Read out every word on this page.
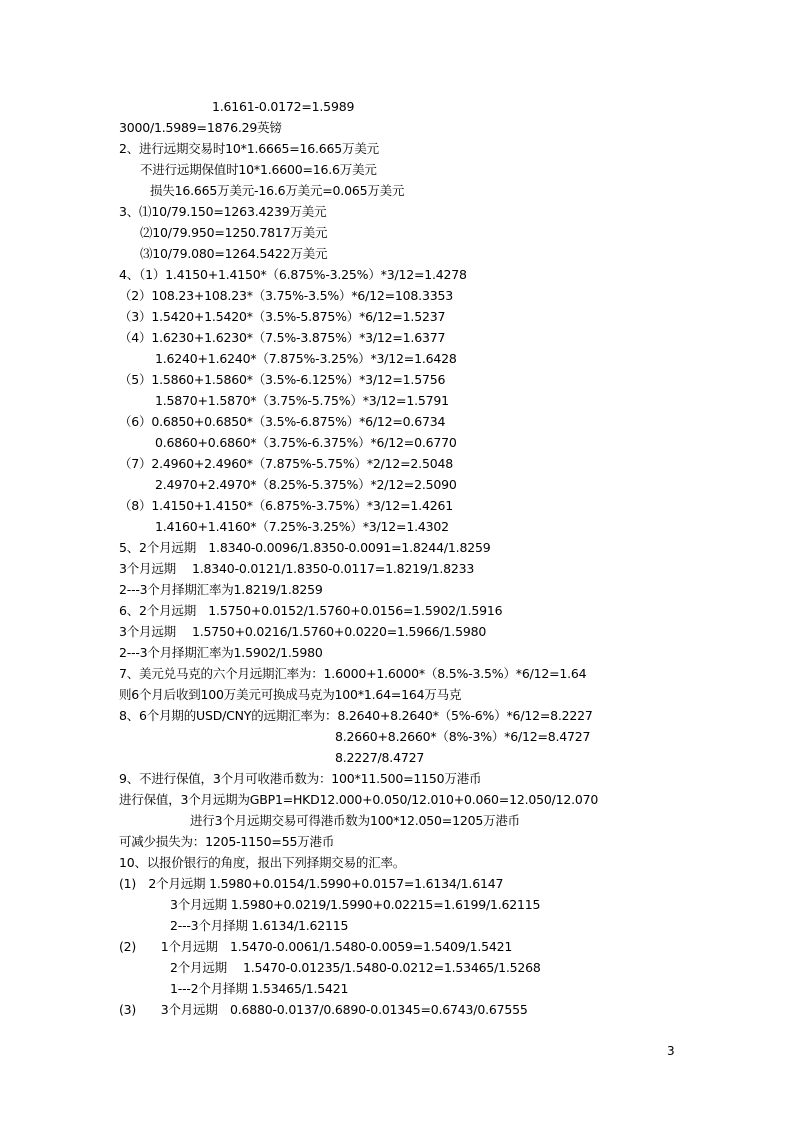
1.6161-0.0172=1.5989
3000/1.5989=1876.29英镑
2、进行远期交易时10*1.6665=16.665万美元
不进行远期保值时10*1.6600=16.6万美元
损失16.665万美元-16.6万美元=0.065万美元
3、⑴10/79.150=1263.4239万美元
⑵10/79.950=1250.7817万美元
⑶10/79.080=1264.5422万美元
4、（1）1.4150+1.4150*（6.875%-3.25%）*3/12=1.4278
（2）108.23+108.23*（3.75%-3.5%）*6/12=108.3353
（3）1.5420+1.5420*（3.5%-5.875%）*6/12=1.5237
（4）1.6230+1.6230*（7.5%-3.875%）*3/12=1.6377
1.6240+1.6240*（7.875%-3.25%）*3/12=1.6428
（5）1.5860+1.5860*（3.5%-6.125%）*3/12=1.5756
1.5870+1.5870*（3.75%-5.75%）*3/12=1.5791
（6）0.6850+0.6850*（3.5%-6.875%）*6/12=0.6734
0.6860+0.6860*（3.75%-6.375%）*6/12=0.6770
（7）2.4960+2.4960*（7.875%-5.75%）*2/12=2.5048
2.4970+2.4970*（8.25%-5.375%）*2/12=2.5090
（8）1.4150+1.4150*（6.875%-3.75%）*3/12=1.4261
1.4160+1.4160*（7.25%-3.25%）*3/12=1.4302
5、2个月远期　1.8340-0.0096/1.8350-0.0091=1.8244/1.8259
3个月远期　 1.8340-0.0121/1.8350-0.0117=1.8219/1.8233
2---3个月择期汇率为1.8219/1.8259
6、2个月远期　1.5750+0.0152/1.5760+0.0156=1.5902/1.5916
3个月远期　 1.5750+0.0216/1.5760+0.0220=1.5966/1.5980
2---3个月择期汇率为1.5902/1.5980
7、美元兑马克的六个月远期汇率为：1.6000+1.6000*（8.5%-3.5%）*6/12=1.64
则6个月后收到100万美元可换成马克为100*1.64=164万马克
8、6个月期的USD/CNY的远期汇率为：8.2640+8.2640*（5%-6%）*6/12=8.2227
8.2660+8.2660*（8%-3%）*6/12=8.4727
8.2227/8.4727
9、不进行保值，3个月可收港币数为：100*11.500=1150万港币
进行保值，3个月远期为GBP1=HKD12.000+0.050/12.010+0.060=12.050/12.070
进行3个月远期交易可得港币数为100*12.050=1205万港币
可减少损失为：1205-1150=55万港币
10、以报价银行的角度，报出下列择期交易的汇率。
(1)　2个月远期 1.5980+0.0154/1.5990+0.0157=1.6134/1.6147
3个月远期 1.5980+0.0219/1.5990+0.02215=1.6199/1.62115
2---3个月择期 1.6134/1.62115
(2)　　1个月远期　1.5470-0.0061/1.5480-0.0059=1.5409/1.5421
2个月远期　 1.5470-0.01235/1.5480-0.0212=1.53465/1.5268
1---2个月择期 1.53465/1.5421
(3)　　3个月远期　0.6880-0.0137/0.6890-0.01345=0.6743/0.67555
3
